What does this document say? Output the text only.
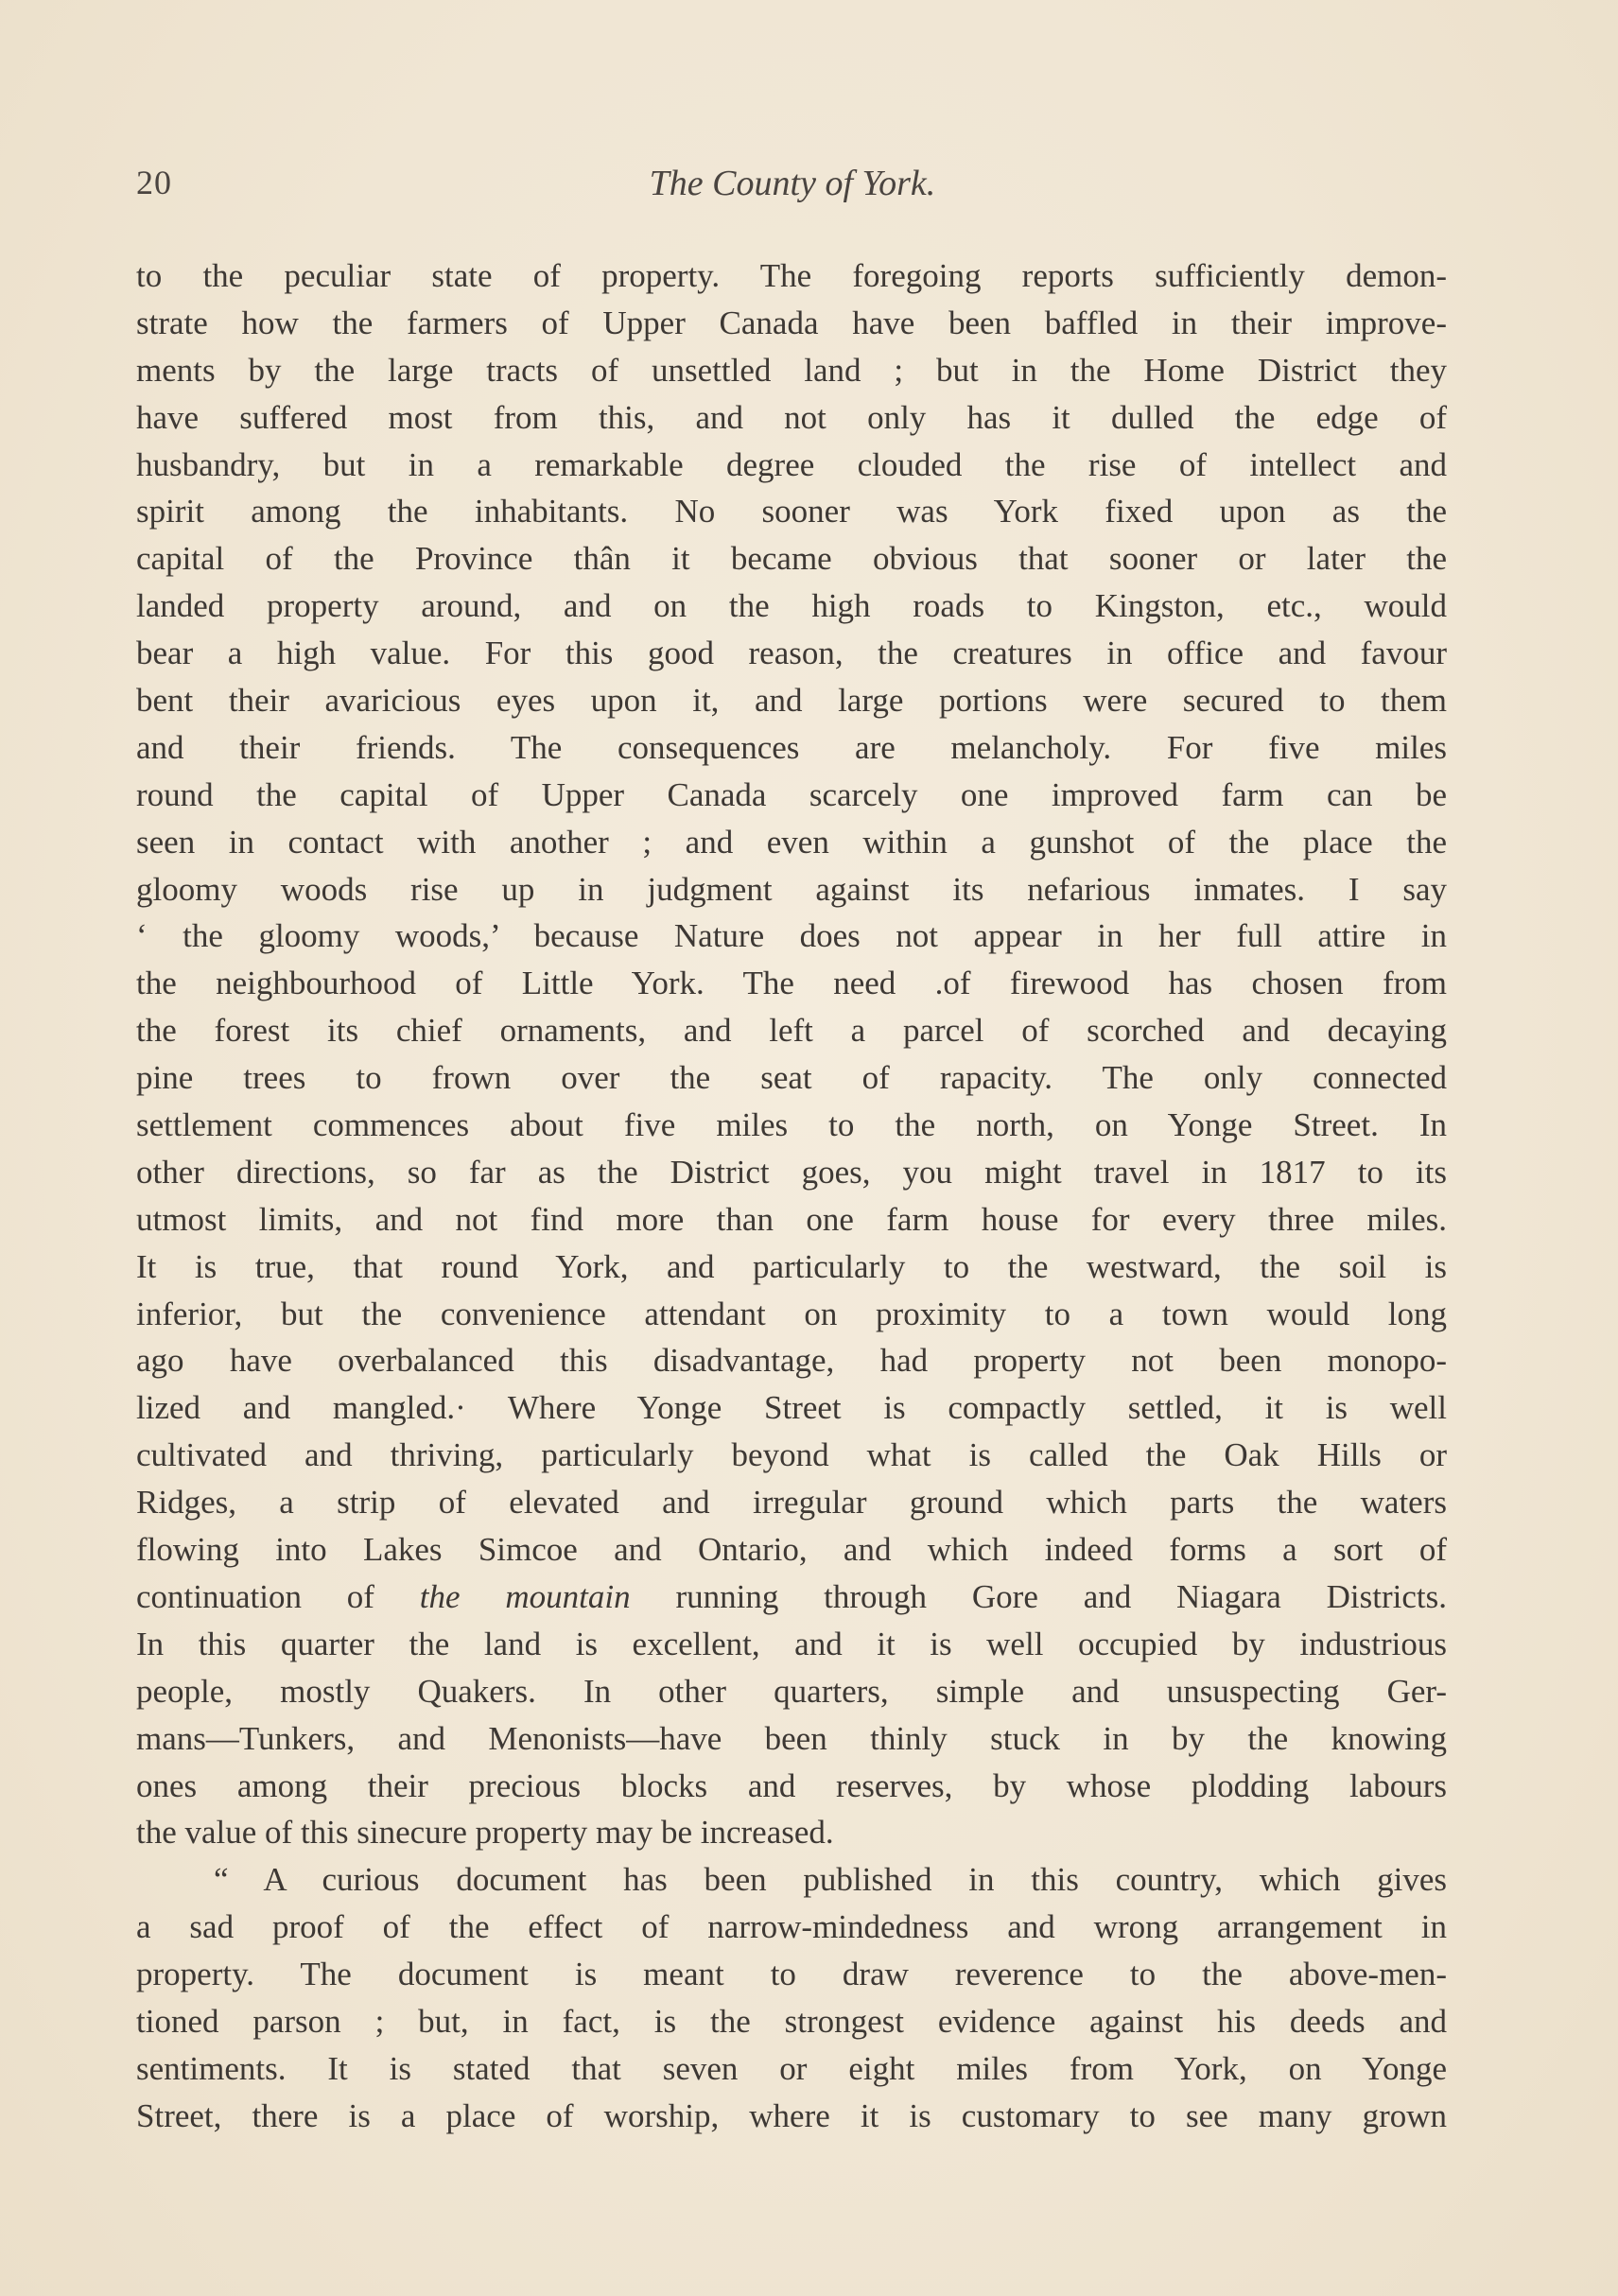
20	The County of York.
to the peculiar state of property. The foregoing reports sufficiently demon-
strate how the farmers of Upper Canada have been baffled in their improve-
ments by the large tracts of unsettled land ; but in the Home District they
have suffered most from this, and not only has it dulled the edge of
husbandry, but in a remarkable degree clouded the rise of intellect and
spirit among the inhabitants. No sooner was York fixed upon as the
capital of the Province thân it became obvious that sooner or later the
landed property around, and on the high roads to Kingston, etc., would
bear a high value. For this good reason, the creatures in office and favour
bent their avaricious eyes upon it, and large portions were secured to them
and their friends. The consequences are melancholy. For five miles
round the capital of Upper Canada scarcely one improved farm can be
seen in contact with another ; and even within a gunshot of the place the
gloomy woods rise up in judgment against its nefarious inmates. I say
‘ the gloomy woods,’ because Nature does not appear in her full attire in
the neighbourhood of Little York. The need .of firewood has chosen from
the forest its chief ornaments, and left a parcel of scorched and decaying
pine trees to frown over the seat of rapacity. The only connected
settlement commences about five miles to the north, on Yonge Street. In
other directions, so far as the District goes, you might travel in 1817 to its
utmost limits, and not find more than one farm house for every three miles.
It is true, that round York, and particularly to the westward, the soil is
inferior, but the convenience attendant on proximity to a town would long
ago have overbalanced this disadvantage, had property not been monopo-
lized and mangled.· Where Yonge Street is compactly settled, it is well
cultivated and thriving, particularly beyond what is called the Oak Hills or
Ridges, a strip of elevated and irregular ground which parts the waters
flowing into Lakes Simcoe and Ontario, and which indeed forms a sort of
continuation of the mountain running through Gore and Niagara Districts.
In this quarter the land is excellent, and it is well occupied by industrious
people, mostly Quakers. In other quarters, simple and unsuspecting Ger-
mans—Tunkers, and Menonists—have been thinly stuck in by the knowing
ones among their precious blocks and reserves, by whose plodding labours
the value of this sinecure property may be increased.
“ A curious document has been published in this country, which gives
a sad proof of the effect of narrow-mindedness and wrong arrangement in
property. The document is meant to draw reverence to the above-men-
tioned parson ; but, in fact, is the strongest evidence against his deeds and
sentiments. It is stated that seven or eight miles from York, on Yonge
Street, there is a place of worship, where it is customary to see many grown
